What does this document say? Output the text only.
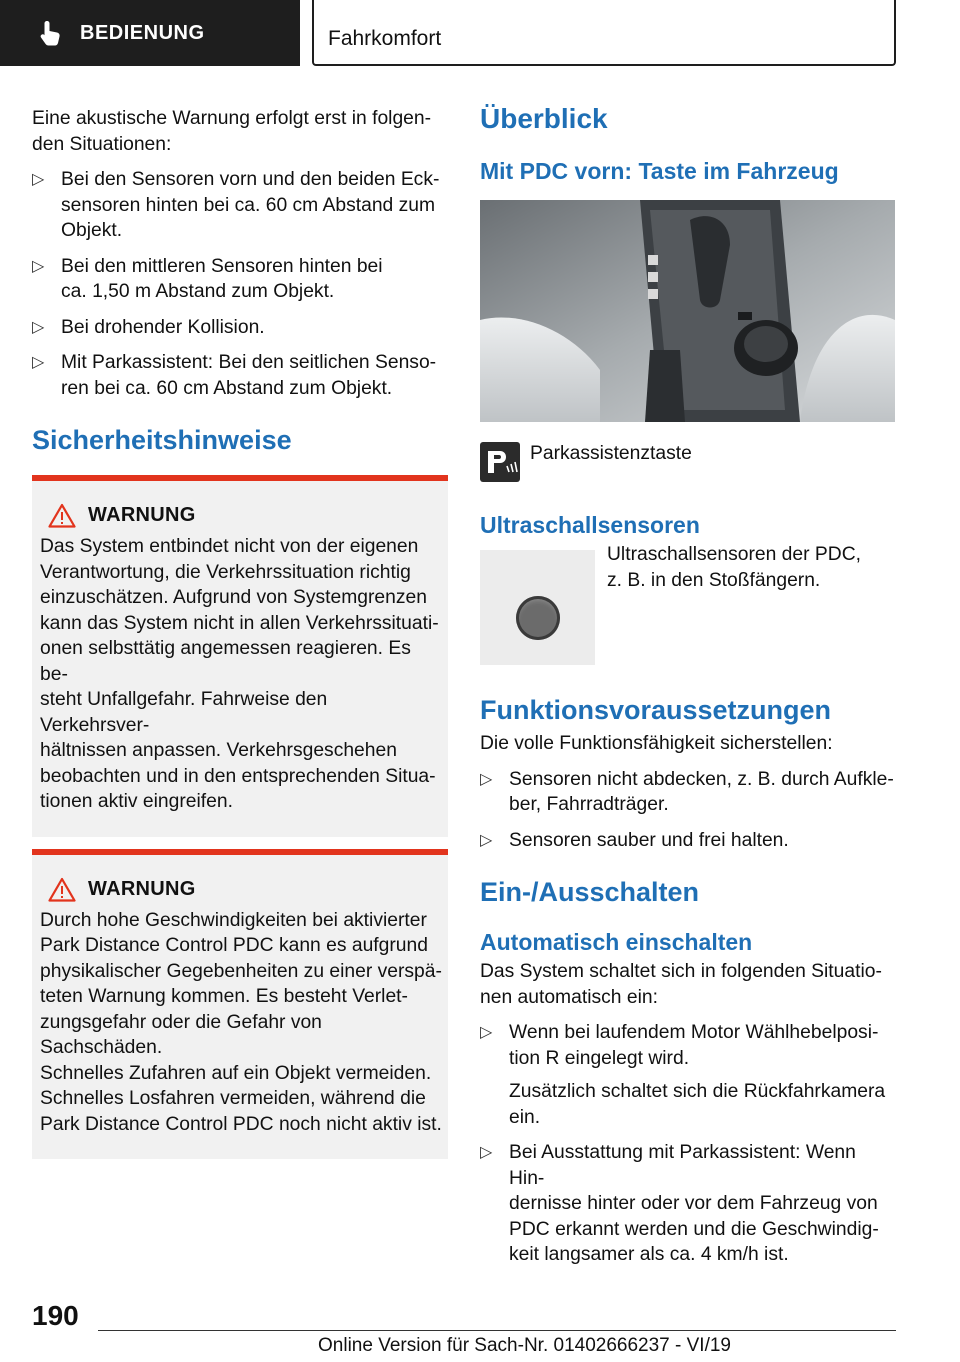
BEDIENUNG	Fahrkomfort

Eine akustische Warnung erfolgt erst in folgen-
den Situationen:

▷ Bei den Sensoren vorn und den beiden Eck-
sensoren hinten bei ca. 60 cm Abstand zum
Objekt.
▷ Bei den mittleren Sensoren hinten bei
ca. 1,50 m Abstand zum Objekt.
▷ Bei drohender Kollision.
▷ Mit Parkassistent: Bei den seitlichen Senso-
ren bei ca. 60 cm Abstand zum Objekt.
Sicherheitshinweise
WARNUNG

Das System entbindet nicht von der eigenen
Verantwortung, die Verkehrssituation richtig
einzuschätzen. Aufgrund von Systemgrenzen
kann das System nicht in allen Verkehrssituati-
onen selbsttätig angemessen reagieren. Es be-
steht Unfallgefahr. Fahrweise den Verkehrsver-
hältnissen anpassen. Verkehrsgeschehen
beobachten und in den entsprechenden Situa-
tionen aktiv eingreifen.

WARNUNG

Durch hohe Geschwindigkeiten bei aktivierter
Park Distance Control PDC kann es aufgrund
physikalischer Gegebenheiten zu einer verspä-
teten Warnung kommen. Es besteht Verlet-
zungsgefahr oder die Gefahr von Sachschäden.
Schnelles Zufahren auf ein Objekt vermeiden.
Schnelles Losfahren vermeiden, während die
Park Distance Control PDC noch nicht aktiv ist.

Überblick
Mit PDC vorn: Taste im Fahrzeug
Parkassistenztaste
Ultraschallsensoren

Ultraschallsensoren der PDC,
z. B. in den Stoßfängern.

Funktionsvoraussetzungen

Die volle Funktionsfähigkeit sicherstellen:

▷ Sensoren nicht abdecken, z. B. durch Aufkle-
ber, Fahrradträger.
▷ Sensoren sauber und frei halten.
Ein-/Ausschalten
Automatisch einschalten

Das System schaltet sich in folgenden Situatio-
nen automatisch ein:

▷ Wenn bei laufendem Motor Wählhebelposi-
tion R eingelegt wird.
Zusätzlich schaltet sich die Rückfahrkamera
ein.
▷ Bei Ausstattung mit Parkassistent: Wenn Hin-
dernisse hinter oder vor dem Fahrzeug von
PDC erkannt werden und die Geschwindig-
keit langsamer als ca. 4 km/h ist.
190
Online Version für Sach-Nr. 01402666237 - VI/19
